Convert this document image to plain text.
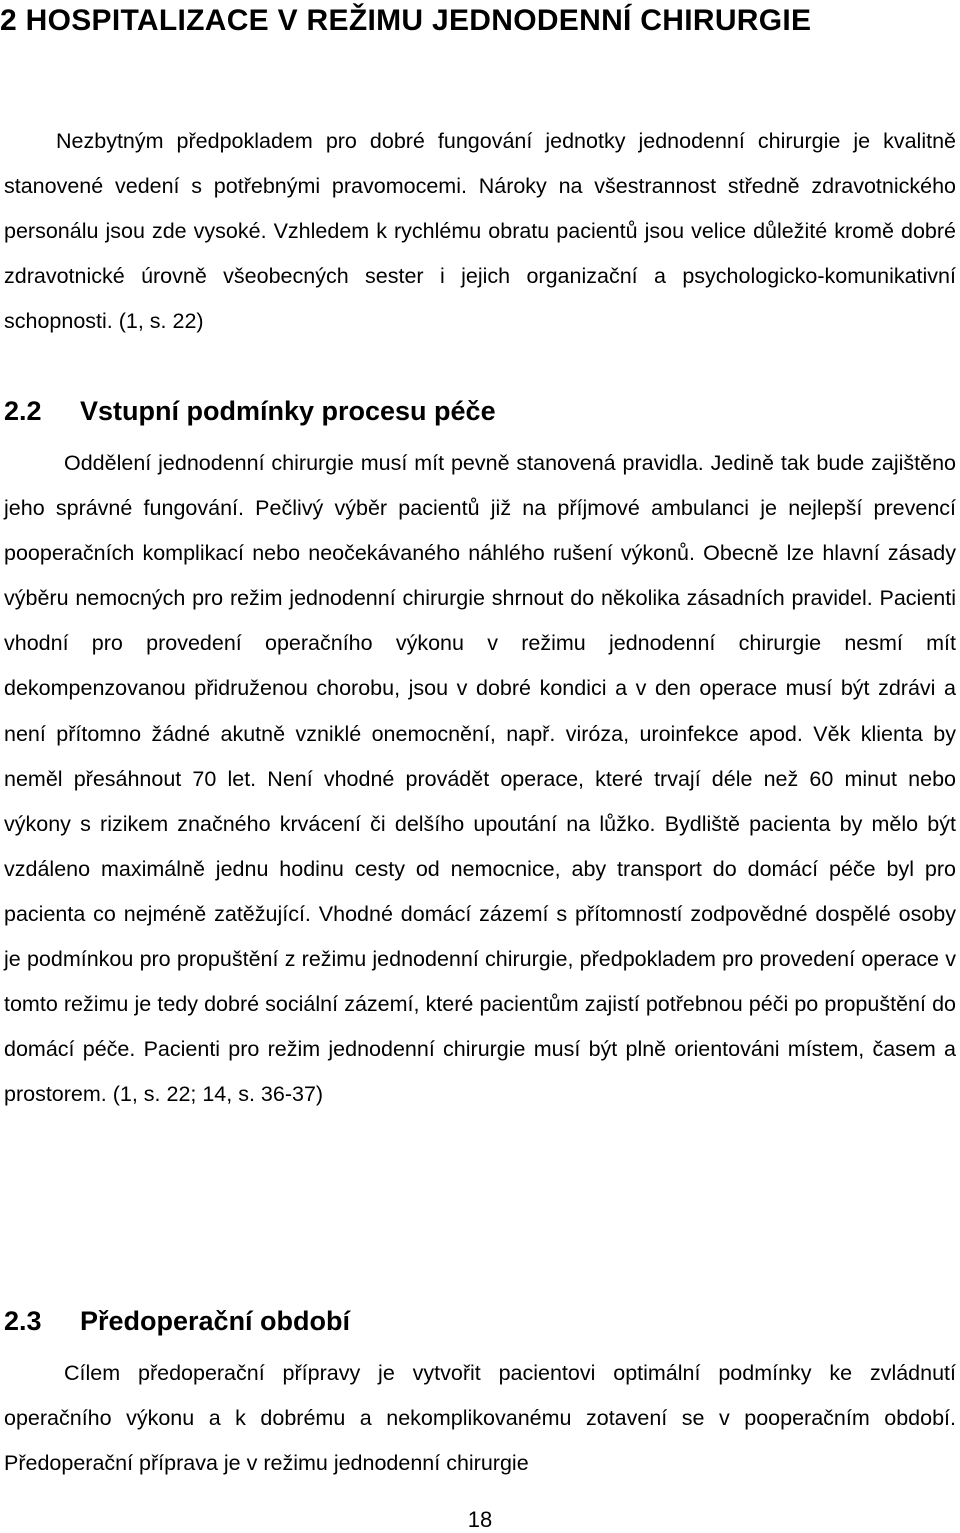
2 HOSPITALIZACE V REŽIMU JEDNODENNÍ CHIRURGIE

Nezbytným předpokladem pro dobré fungování jednotky jednodenní chirurgie je kvalitně stanovené vedení s potřebnými pravomocemi. Nároky na všestrannost středně zdravotnického personálu jsou zde vysoké. Vzhledem k rychlému obratu pacientů jsou velice důležité kromě dobré zdravotnické úrovně všeobecných sester i jejich organizační a psychologicko-komunikativní schopnosti. (1, s. 22)

2.2 Vstupní podmínky procesu péče

Oddělení jednodenní chirurgie musí mít pevně stanovená pravidla. Jedině tak bude zajištěno jeho správné fungování. Pečlivý výběr pacientů již na příjmové ambulanci je nejlepší prevencí pooperačních komplikací nebo neočekávaného náhlého rušení výkonů. Obecně lze hlavní zásady výběru nemocných pro režim jednodenní chirurgie shrnout do několika zásadních pravidel. Pacienti vhodní pro provedení operačního výkonu v režimu jednodenní chirurgie nesmí mít dekompenzovanou přidruženou chorobu, jsou v dobré kondici a v den operace musí být zdrávi a není přítomno žádné akutně vzniklé onemocnění, např. viróza, uroinfekce apod. Věk klienta by neměl přesáhnout 70 let. Není vhodné provádět operace, které trvají déle než 60 minut nebo výkony s rizikem značného krvácení či delšího upoutání na lůžko. Bydliště pacienta by mělo být vzdáleno maximálně jednu hodinu cesty od nemocnice, aby transport do domácí péče byl pro pacienta co nejméně zatěžující. Vhodné domácí zázemí s přítomností zodpovědné dospělé osoby je podmínkou pro propuštění z režimu jednodenní chirurgie, předpokladem pro provedení operace v tomto režimu je tedy dobré sociální zázemí, které pacientům zajistí potřebnou péči po propuštění do domácí péče. Pacienti pro režim jednodenní chirurgie musí být plně orientováni místem, časem a prostorem. (1, s. 22; 14, s. 36-37)

2.3 Předoperační období

Cílem předoperační přípravy je vytvořit pacientovi optimální podmínky ke zvládnutí operačního výkonu a k dobrému a nekomplikovanému zotavení se v pooperačním období. Předoperační příprava je v režimu jednodenní chirurgie

18
